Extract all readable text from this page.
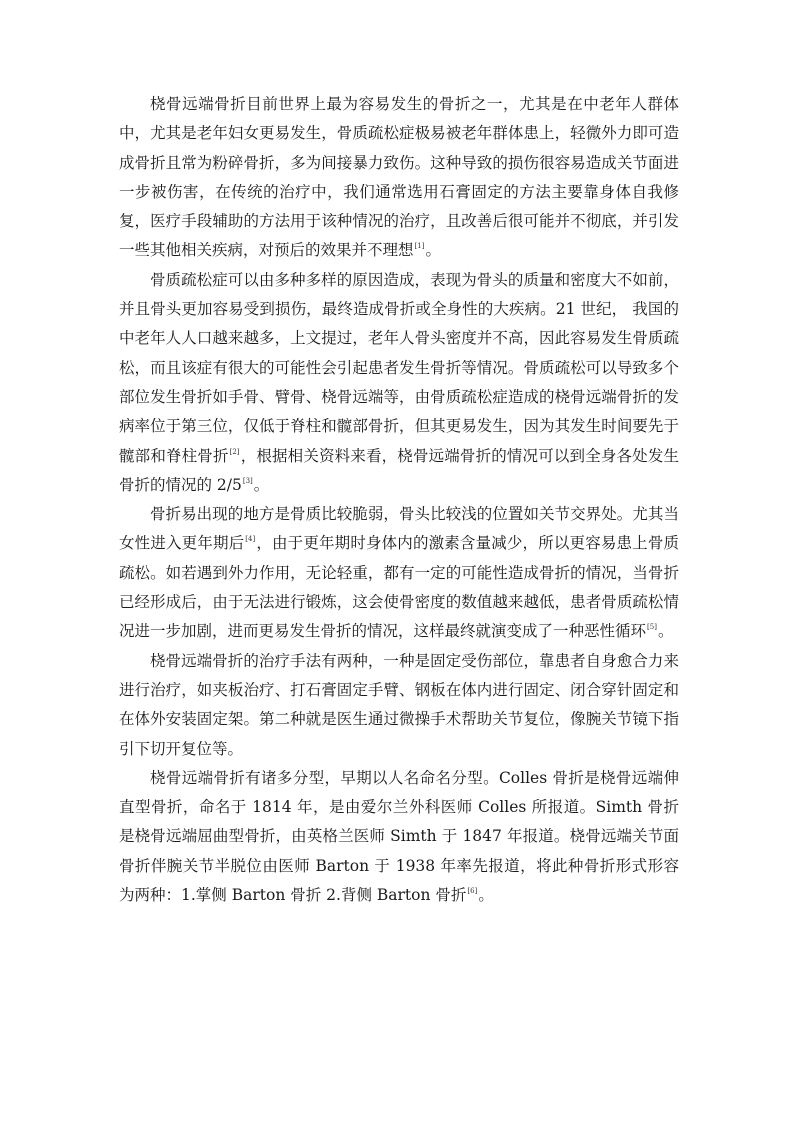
桡骨远端骨折目前世界上最为容易发生的骨折之一，尤其是在中老年人群体中，尤其是老年妇女更易发生，骨质疏松症极易被老年群体患上，轻微外力即可造成骨折且常为粉碎骨折，多为间接暴力致伤。这种导致的损伤很容易造成关节面进一步被伤害，在传统的治疗中，我们通常选用石膏固定的方法主要靠身体自我修复，医疗手段辅助的方法用于该种情况的治疗，且改善后很可能并不彻底，并引发一些其他相关疾病，对预后的效果并不理想[1]。

骨质疏松症可以由多种多样的原因造成，表现为骨头的质量和密度大不如前，并且骨头更加容易受到损伤，最终造成骨折或全身性的大疾病。21 世纪， 我国的中老年人人口越来越多，上文提过，老年人骨头密度并不高，因此容易发生骨质疏松，而且该症有很大的可能性会引起患者发生骨折等情况。骨质疏松可以导致多个部位发生骨折如手骨、臂骨、桡骨远端等，由骨质疏松症造成的桡骨远端骨折的发病率位于第三位，仅低于脊柱和髋部骨折，但其更易发生，因为其发生时间要先于髋部和脊柱骨折[2]，根据相关资料来看，桡骨远端骨折的情况可以到全身各处发生骨折的情况的 2/5[3]。

骨折易出现的地方是骨质比较脆弱，骨头比较浅的位置如关节交界处。尤其当女性进入更年期后[4]，由于更年期时身体内的激素含量减少，所以更容易患上骨质疏松。如若遇到外力作用，无论轻重，都有一定的可能性造成骨折的情况，当骨折已经形成后，由于无法进行锻炼，这会使骨密度的数值越来越低，患者骨质疏松情况进一步加剧，进而更易发生骨折的情况，这样最终就演变成了一种恶性循环[5]。

桡骨远端骨折的治疗手法有两种，一种是固定受伤部位，靠患者自身愈合力来进行治疗，如夹板治疗、打石膏固定手臂、钢板在体内进行固定、闭合穿针固定和在体外安装固定架。第二种就是医生通过微操手术帮助关节复位，像腕关节镜下指引下切开复位等。

桡骨远端骨折有诸多分型，早期以人名命名分型。Colles 骨折是桡骨远端伸直型骨折，命名于 1814 年，是由爱尔兰外科医师 Colles 所报道。Simth 骨折是桡骨远端屈曲型骨折，由英格兰医师 Simth 于 1847 年报道。桡骨远端关节面骨折伴腕关节半脱位由医师 Barton 于 1938 年率先报道，将此种骨折形式形容为两种：1.掌侧 Barton 骨折 2.背侧 Barton 骨折[6]。
